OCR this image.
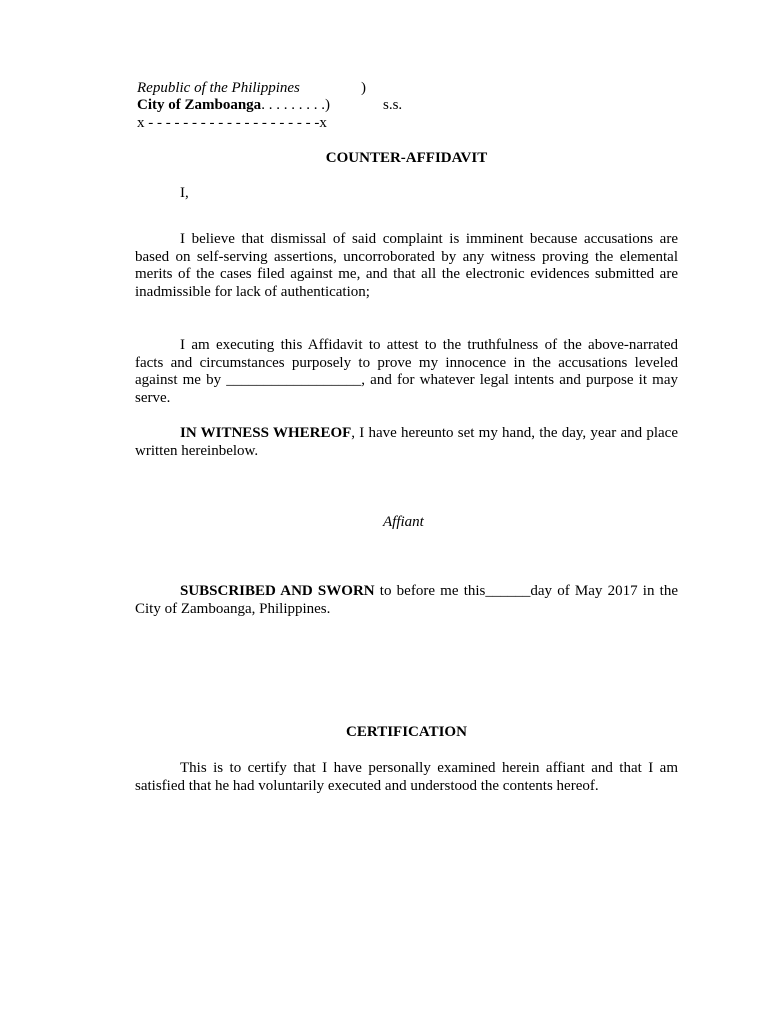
Republic of the Philippines	)
City of Zamboanga. . . . . . . . .)	s.s.
x - - - - - - - - - - - - - - - - - - - -x
COUNTER-AFFIDAVIT
I,
I believe that dismissal of said complaint is imminent because accusations are based on self-serving assertions, uncorroborated by any witness proving the elemental merits of the cases filed against me, and that all the electronic evidences submitted are inadmissible for lack of authentication;
I am executing this Affidavit to attest to the truthfulness of the above-narrated facts and circumstances purposely to prove my innocence in the accusations leveled against me by __________________, and for whatever legal intents and purpose it may serve.
IN WITNESS WHEREOF, I have hereunto set my hand, the day, year and place written hereinbelow.
Affiant
SUBSCRIBED AND SWORN to before me this______day of May 2017 in the City of Zamboanga, Philippines.
CERTIFICATION
This is to certify that I have personally examined herein affiant and that I am satisfied that he had voluntarily executed and understood the contents hereof.
